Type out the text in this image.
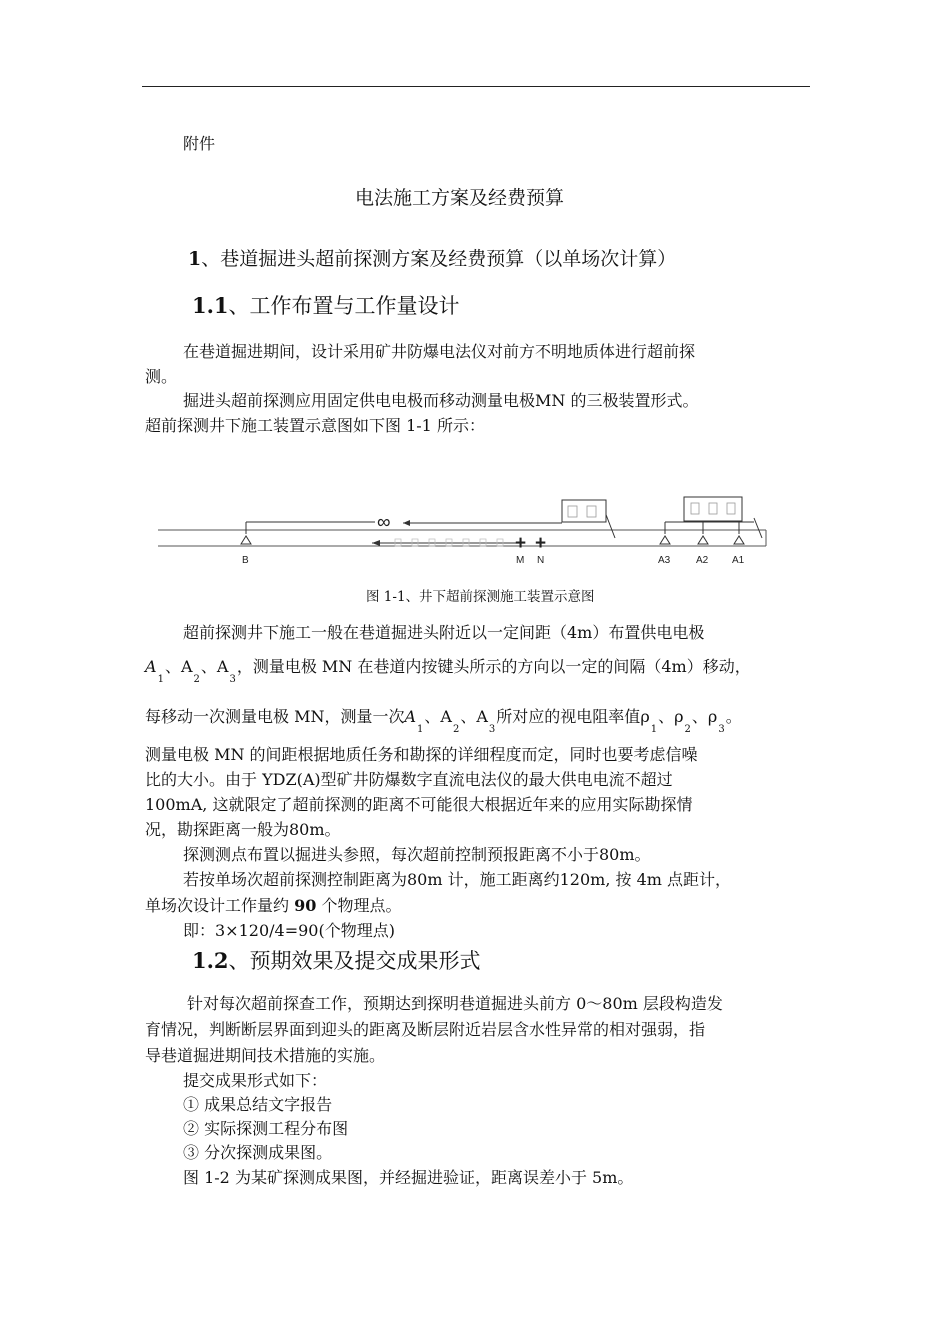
附件
电法施工方案及经费预算
1、巷道掘进头超前探测方案及经费预算（以单场次计算）
1.1、工作布置与工作量设计
在巷道掘进期间，设计采用矿井防爆电法仪对前方不明地质体进行超前探
测。
掘进头超前探测应用固定供电电极而移动测量电极MN 的三极装置形式。
超前探测井下施工装置示意图如下图 1-1 所示：
∞
+ +
B	M N	A3	A2 A1
图 1-1、井下超前探测施工装置示意图
超前探测井下施工一般在巷道掘进头附近以一定间距（4m）布置供电电极
$A_1$、$A_2$、$A_3$，测量电极 MN 在巷道内按键头所示的方向以一定的间隔（4m）移动，
每移动一次测量电极 MN，测量一次$A_1$、$A_2$、$A_3$所对应的视电阻率值$\rho_1$、$\rho_2$、$\rho_3$。
测量电极 MN 的间距根据地质任务和勘探的详细程度而定，同时也要考虑信噪
比的大小。由于 YDZ(A)型矿井防爆数字直流电法仪的最大供电电流不超过
100mA, 这就限定了超前探测的距离不可能很大根据近年来的应用实际勘探情
况，勘探距离一般为80m。
探测测点布置以掘进头参照，每次超前控制预报距离不小于80m。
若按单场次超前探测控制距离为80m 计，施工距离约120m, 按 4m 点距计，
单场次设计工作量约 90 个物理点。
即：3×120/4=90(个物理点)
1.2、预期效果及提交成果形式
针对每次超前探查工作，预期达到探明巷道掘进头前方 0～80m 层段构造发
育情况，判断断层界面到迎头的距离及断层附近岩层含水性异常的相对强弱，指
导巷道掘进期间技术措施的实施。
提交成果形式如下：
① 成果总结文字报告
② 实际探测工程分布图
③ 分次探测成果图。
图 1-2 为某矿探测成果图，并经掘进验证，距离误差小于 5m。
